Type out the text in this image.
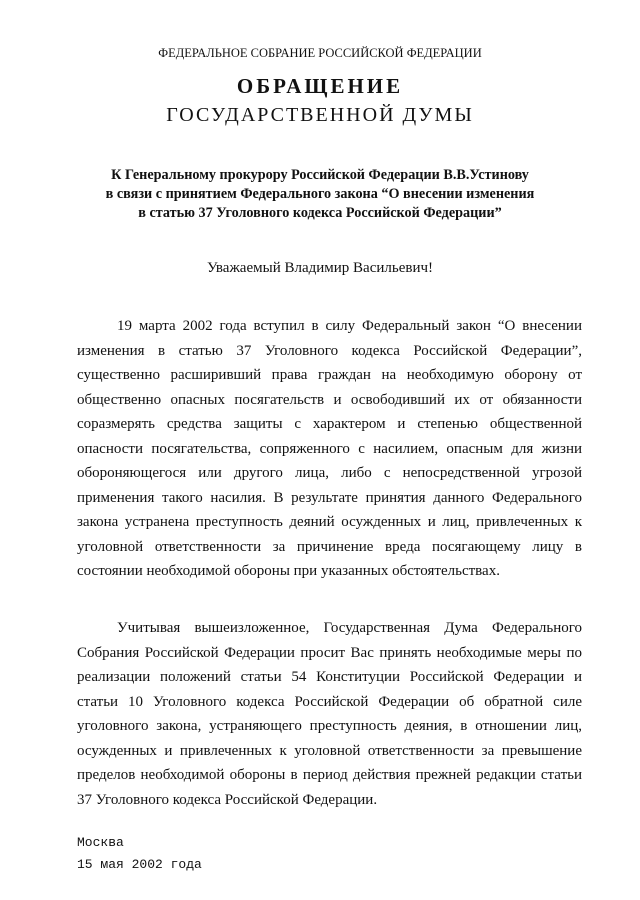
ФЕДЕРАЛЬНОЕ СОБРАНИЕ РОССИЙСКОЙ ФЕДЕРАЦИИ
ОБРАЩЕНИЕ
ГОСУДАРСТВЕННОЙ ДУМЫ
К Генеральному прокурору Российской Федерации В.В.Устинову
в связи с принятием Федерального закона “О внесении изменения
в статью 37 Уголовного кодекса Российской Федерации”
Уважаемый Владимир Васильевич!
19 марта 2002 года вступил в силу Федеральный закон “О внесении
изменения в статью 37 Уголовного кодекса Российской Федерации”,
существенно расширивший права граждан на необходимую оборону от
общественно опасных посягательств и освободивший их от обязанности
соразмерять средства защиты с характером и степенью общественной
опасности посягательства, сопряженного с насилием, опасным для жизни
обороняющегося или другого лица, либо с непосредственной угрозой
применения такого насилия. В результате принятия данного Федерального
закона устранена преступность деяний осужденных и лиц, привлеченных к
уголовной ответственности за причинение вреда посягающему лицу в
состоянии необходимой обороны при указанных обстоятельствах.
Учитывая вышеизложенное, Государственная Дума Федерального
Собрания Российской Федерации просит Вас принять необходимые меры по
реализации положений статьи 54 Конституции Российской Федерации и
статьи 10 Уголовного кодекса Российской Федерации об обратной силе
уголовного закона, устраняющего преступность деяния, в отношении лиц,
осужденных и привлеченных к уголовной ответственности за превышение
пределов необходимой обороны в период действия прежней редакции статьи
37 Уголовного кодекса Российской Федерации.
Москва
15 мая 2002 года
